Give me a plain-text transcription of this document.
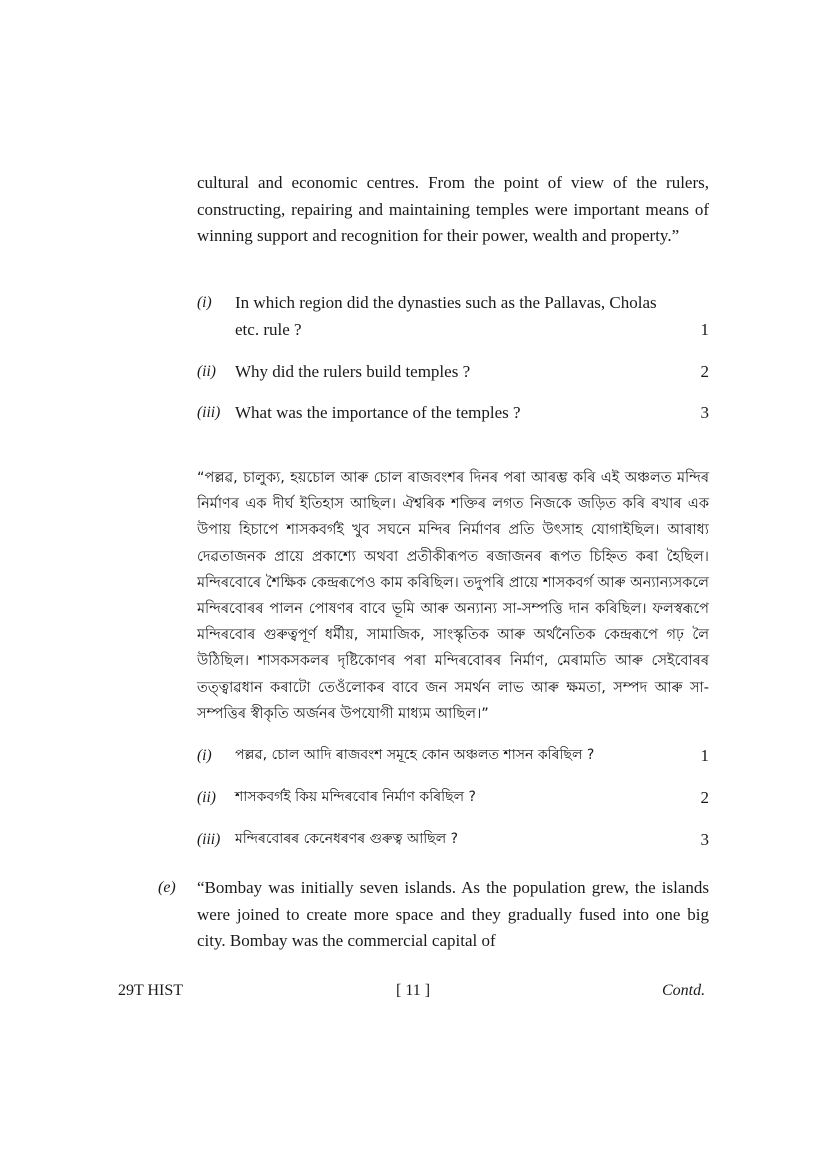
cultural and economic centres. From the point of view of the rulers, constructing, repairing and maintaining temples were important means of winning support and recognition for their power, wealth and property.”
(i)	In which region did the dynasties such as the Pallavas, Cholas etc. rule ?	1
(ii)	Why did the rulers build temples ?	2
(iii) What was the importance of the temples ?	3
“পল্লৱ, চালুক্য, হয়চোল আৰু চোল ৰাজবংশৰ দিনৰ পৰা আৰম্ভ কৰি এই অঞ্চলত মন্দিৰ নিৰ্মাণৰ এক দীৰ্ঘ ইতিহাস আছিল। ঐশ্বৰিক শক্তিৰ লগত নিজকে জড়িত কৰি ৰখাৰ এক উপায় হিচাপে শাসকবৰ্গই খুব সঘনে মন্দিৰ নিৰ্মাণৰ প্ৰতি উৎসাহ যোগাইছিল। আৰাধ্য দেৱতাজনক প্ৰায়ে প্ৰকাশ্যে অথবা প্ৰতীকীৰূপত ৰজাজনৰ ৰূপত চিহ্নিত কৰা হৈছিল। মন্দিৰবোৰে শৈক্ষিক কেন্দ্ৰৰূপেও কাম কৰিছিল। তদুপৰি প্ৰায়ে শাসকবৰ্গ আৰু অন্যান্যসকলে মন্দিৰবোৰৰ পালন পোষণৰ বাবে ভূমি আৰু অন্যান্য সা-সম্পত্তি দান কৰিছিল। ফলস্বৰূপে মন্দিৰবোৰ গুৰুত্বপূৰ্ণ ধৰ্মীয়, সামাজিক, সাংস্কৃতিক আৰু অৰ্থনৈতিক কেন্দ্ৰৰূপে গঢ় লৈ উঠিছিল। শাসকসকলৰ দৃষ্টিকোণৰ পৰা মন্দিৰবোৰৰ নিৰ্মাণ, মেৰামতি আৰু সেইবোৰৰ তত্ত্বাৱধান কৰাটো তেওঁলোকৰ বাবে জন সমৰ্থন লাভ আৰু ক্ষমতা, সম্পদ আৰু সা-সম্পত্তিৰ স্বীকৃতি অৰ্জনৰ উপযোগী মাধ্যম আছিল।”
(i)	পল্লৱ, চোল আদি ৰাজবংশ সমূহে কোন অঞ্চলত শাসন কৰিছিল ?	1
(ii)	শাসকবৰ্গই কিয় মন্দিৰবোৰ নিৰ্মাণ কৰিছিল ?	2
(iii)	মন্দিৰবোৰৰ কেনেধৰণৰ গুৰুত্ব আছিল ?	3
(e) “Bombay was initially seven islands. As the population grew, the islands were joined to create more space and they gradually fused into one big city. Bombay was the commercial capital of
29T HIST	[ 11 ]	Contd.
